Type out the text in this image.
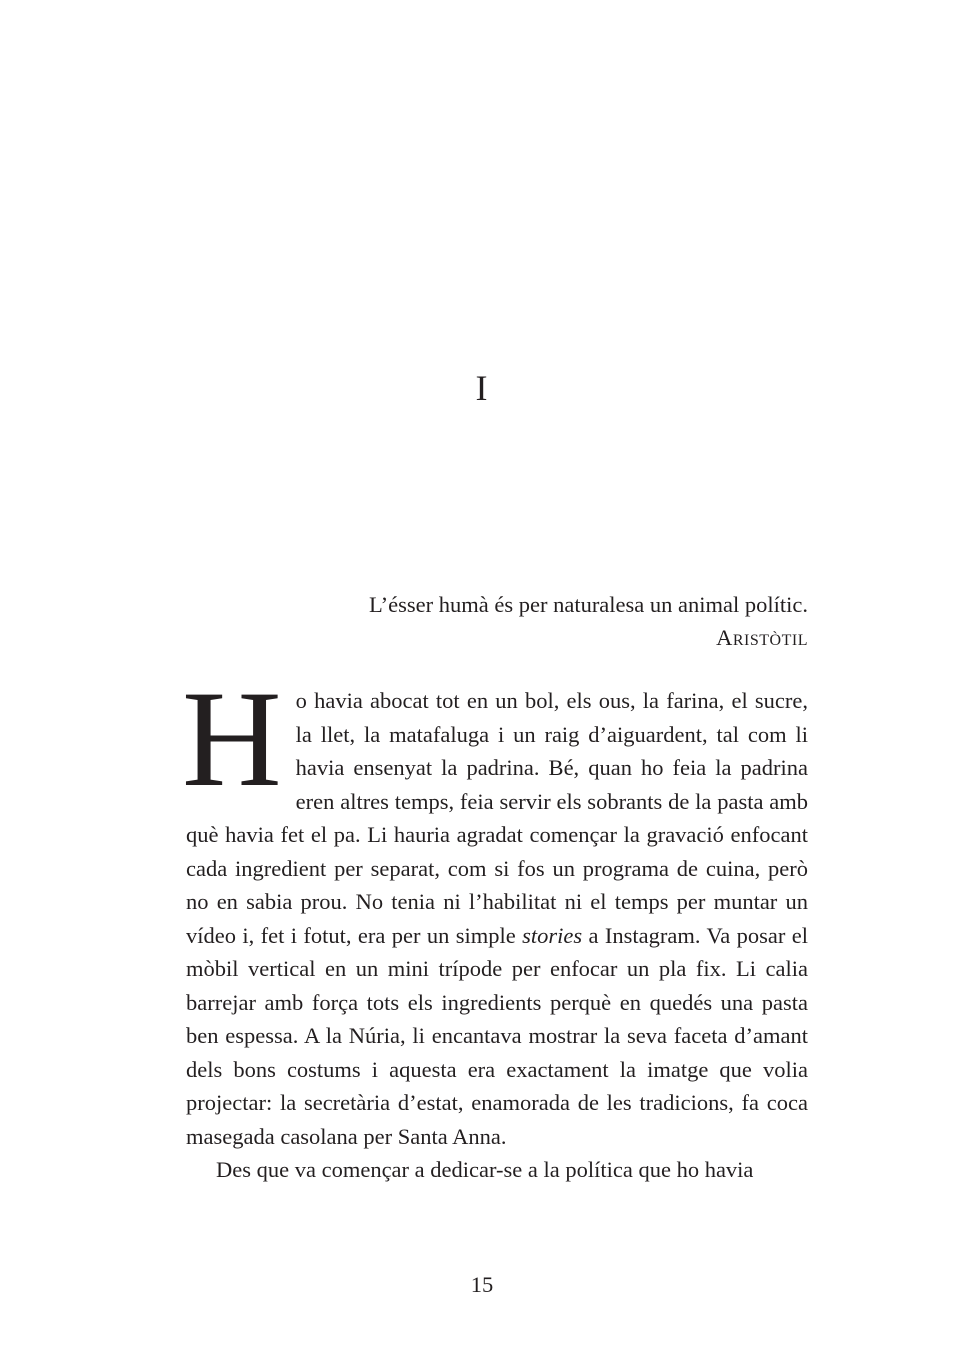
I
L’ésser humà és per naturalesa un animal polític.
Aristòtil

Ho havia abocat tot en un bol, els ous, la farina, el sucre, la llet, la matafaluga i un raig d’aiguardent, tal com li havia ensenyat la padrina. Bé, quan ho feia la padrina eren altres temps, feia servir els sobrants de la pasta amb què havia fet el pa. Li hauria agradat començar la gravació enfocant cada ingredient per separat, com si fos un programa de cuina, però no en sabia prou. No tenia ni l’habilitat ni el temps per muntar un vídeo i, fet i fotut, era per un simple stories a Instagram. Va posar el mòbil vertical en un mini trípode per enfocar un pla fix. Li calia barrejar amb força tots els ingredients perquè en quedés una pasta ben espessa. A la Núria, li encantava mostrar la seva faceta d’amant dels bons costums i aquesta era exactament la imatge que volia projectar: la secretària d’estat, enamorada de les tradicions, fa coca masegada casolana per Santa Anna.

Des que va començar a dedicar-se a la política que ho havia

15
